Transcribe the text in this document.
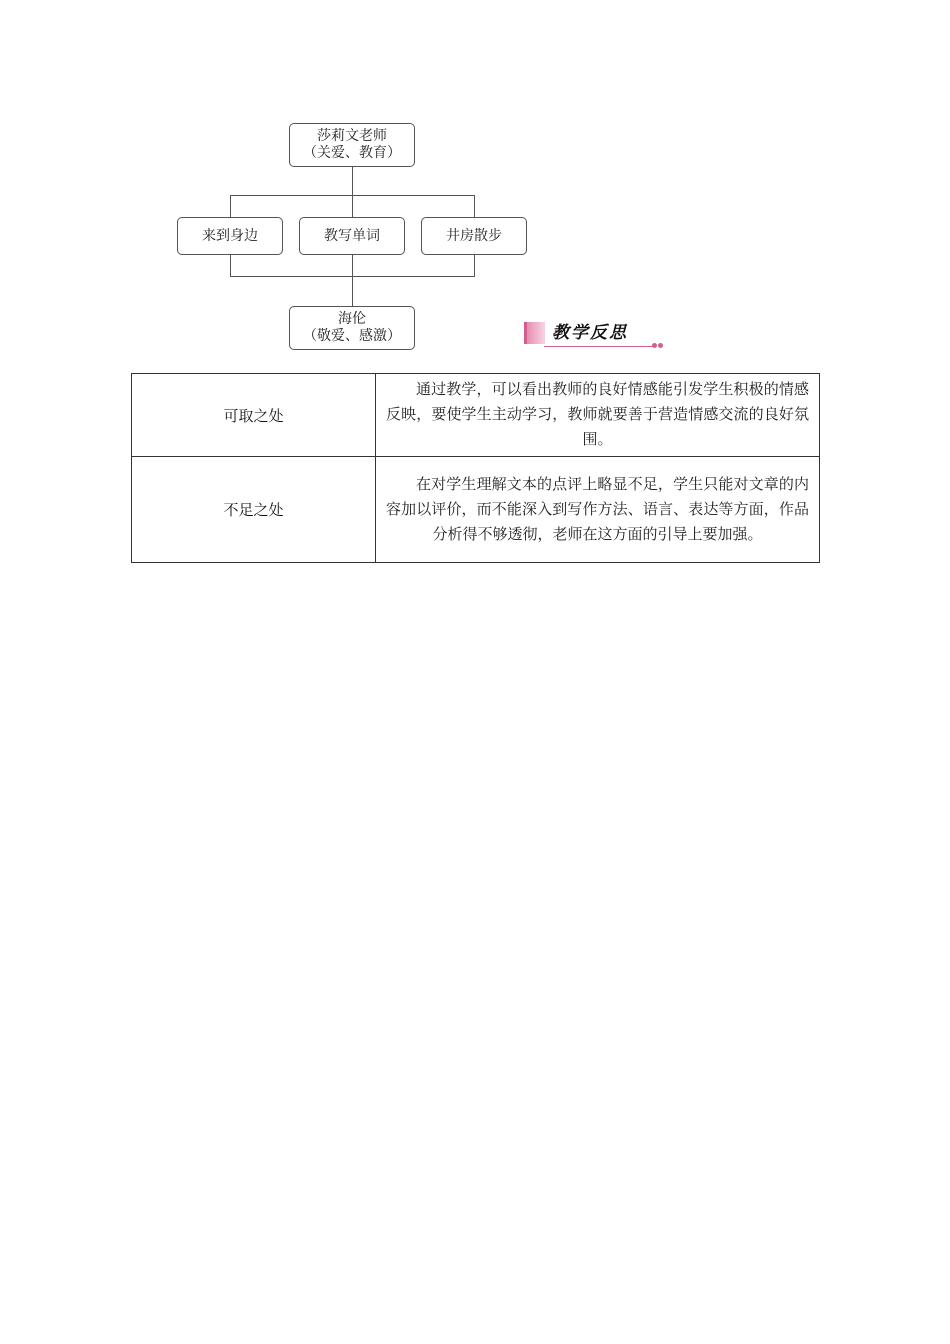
莎莉文老师
（关爱、教育）
来到身边	教写单词	井房散步
海伦
（敬爱、感激）	教学反思
可取之处	通过教学，可以看出教师的良好情感能引发学生积极的情感反映，要使学生主动学习，教师就要善于营造情感交流的良好氛围。
不足之处	在对学生理解文本的点评上略显不足，学生只能对文章的内容加以评价，而不能深入到写作方法、语言、表达等方面，作品分析得不够透彻，老师在这方面的引导上要加强。
